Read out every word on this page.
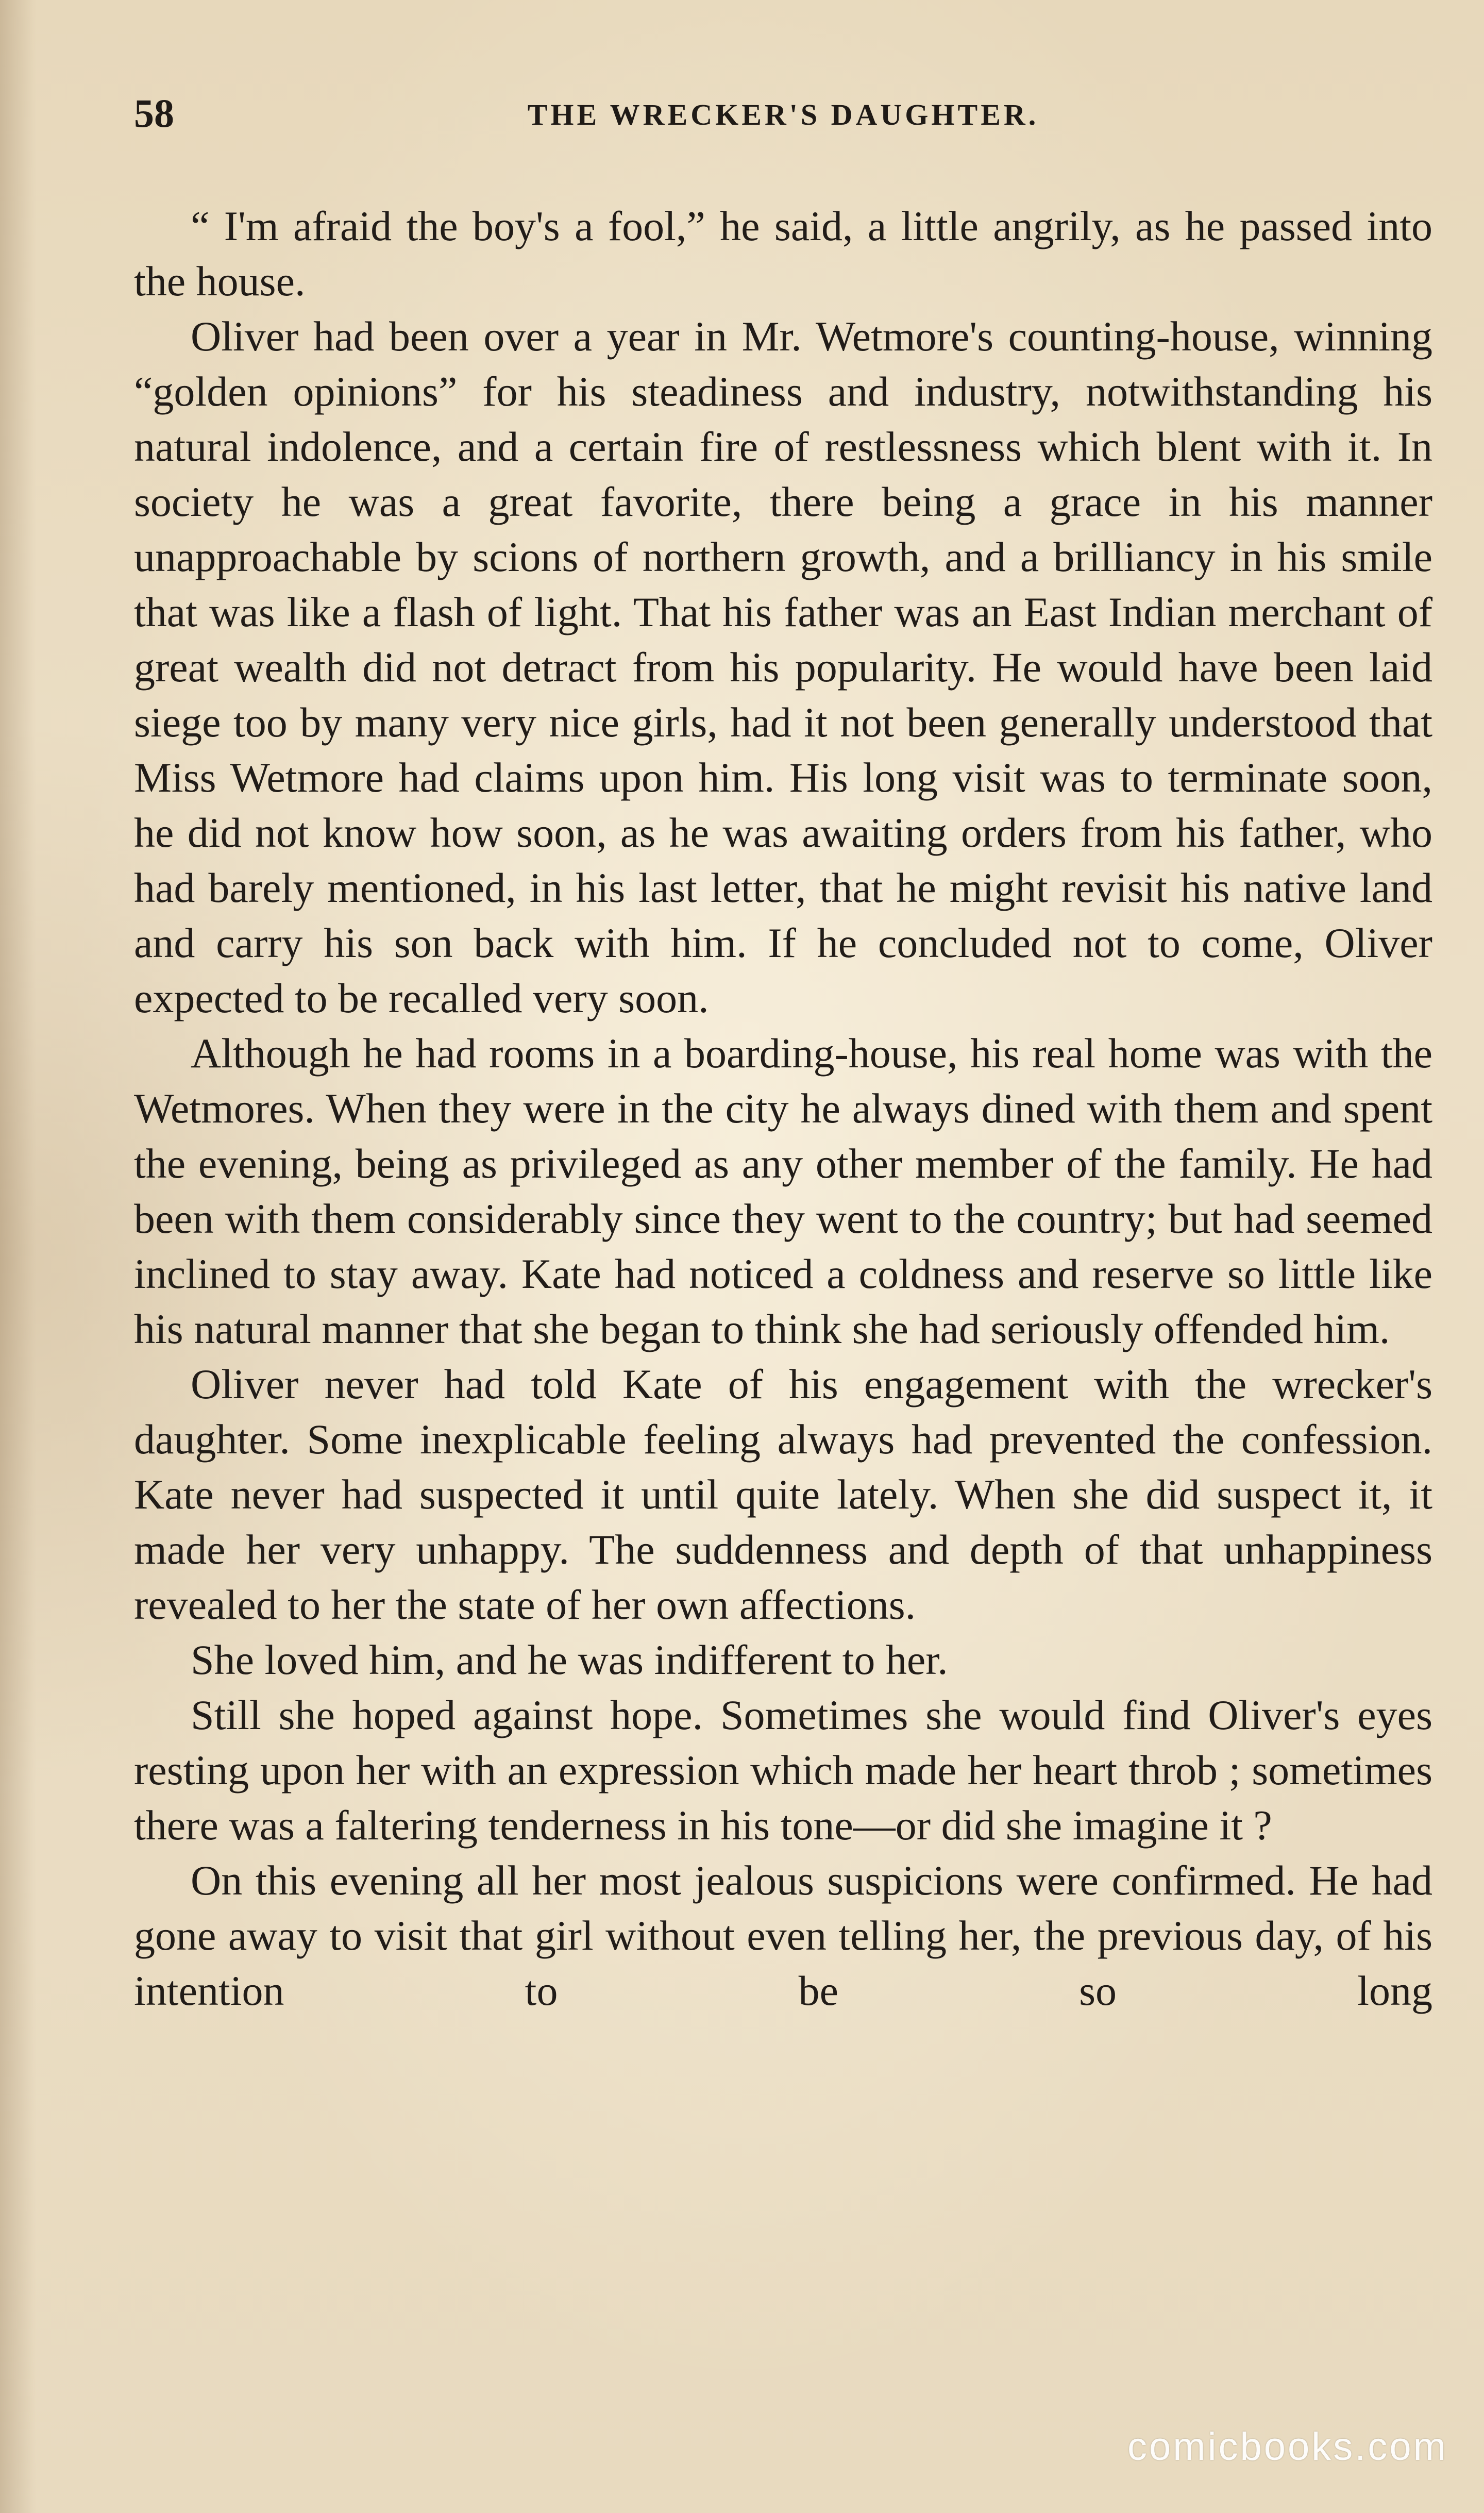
58	THE WRECKER'S DAUGHTER.

“ I'm afraid the boy's a fool,” he said, a little angrily, as he passed into the house.

Oliver had been over a year in Mr. Wetmore's counting-house, winning “golden opinions” for his steadiness and industry, notwithstanding his natural indolence, and a certain fire of restlessness which blent with it. In society he was a great favorite, there being a grace in his manner unapproachable by scions of northern growth, and a brilliancy in his smile that was like a flash of light. That his father was an East Indian merchant of great wealth did not detract from his popularity. He would have been laid siege too by many very nice girls, had it not been generally understood that Miss Wetmore had claims upon him. His long visit was to terminate soon, he did not know how soon, as he was awaiting orders from his father, who had barely mentioned, in his last letter, that he might revisit his native land and carry his son back with him. If he concluded not to come, Oliver expected to be recalled very soon.

Although he had rooms in a boarding-house, his real home was with the Wetmores. When they were in the city he always dined with them and spent the evening, being as privileged as any other member of the family. He had been with them considerably since they went to the country; but had seemed inclined to stay away. Kate had noticed a coldness and reserve so little like his natural manner that she began to think she had seriously offended him.

Oliver never had told Kate of his engagement with the wrecker's daughter. Some inexplicable feeling always had prevented the confession. Kate never had suspected it until quite lately. When she did suspect it, it made her very unhappy. The suddenness and depth of that unhappiness revealed to her the state of her own affections.

She loved him, and he was indifferent to her.

Still she hoped against hope. Sometimes she would find Oliver's eyes resting upon her with an expression which made her heart throb ; sometimes there was a faltering tenderness in his tone—or did she imagine it ?

On this evening all her most jealous suspicions were confirmed. He had gone away to visit that girl without even telling her, the previous day, of his intention to be so long

comicbooks.com
